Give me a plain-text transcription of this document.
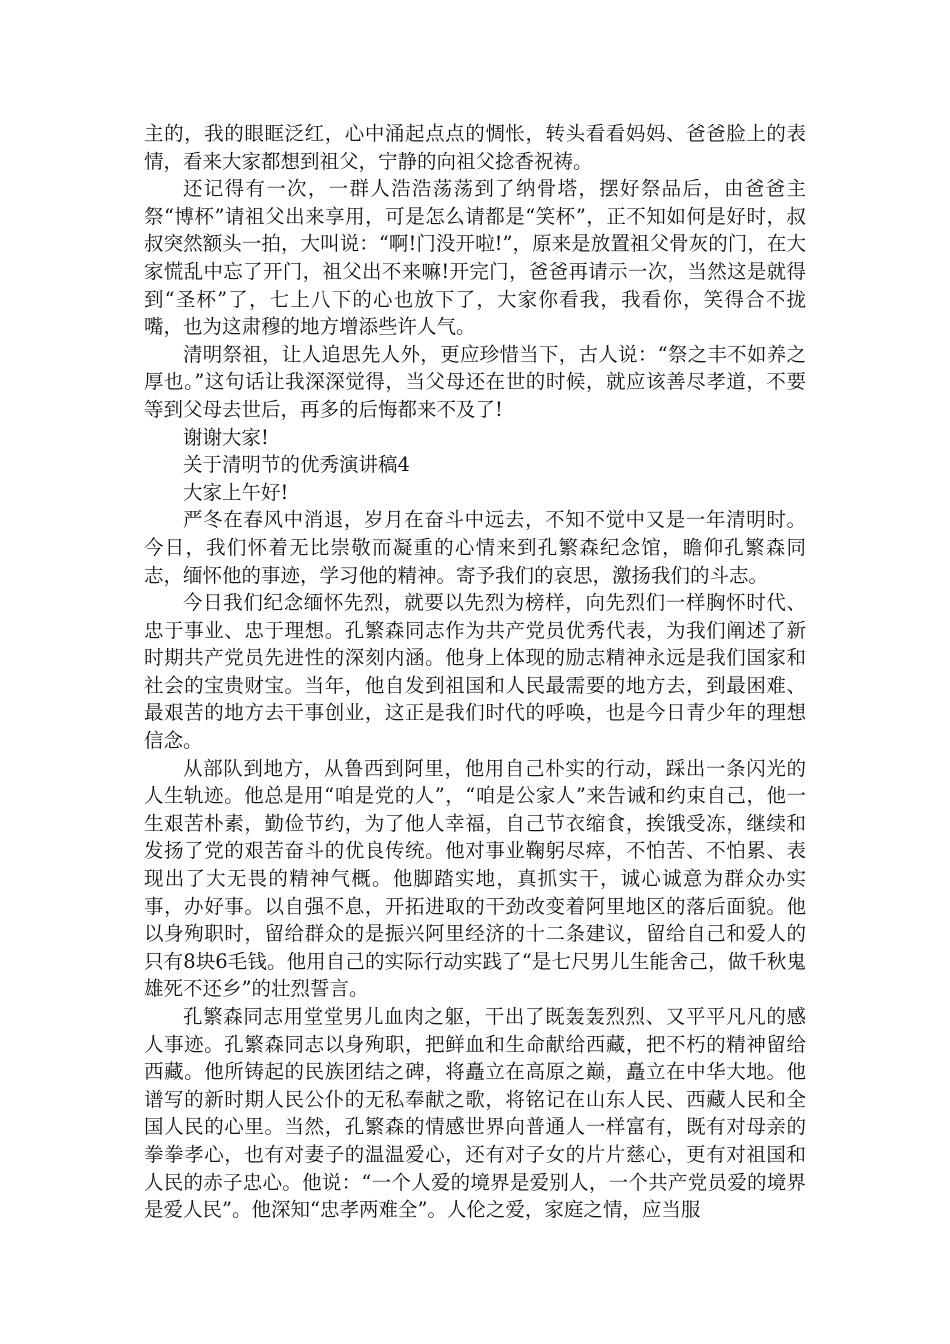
主的，我的眼眶泛红，心中涌起点点的惆怅，转头看看妈妈、爸爸脸上的表情，看来大家都想到祖父，宁静的向祖父捻香祝祷。

还记得有一次，一群人浩浩荡荡到了纳骨塔，摆好祭品后，由爸爸主祭“博杯”请祖父出来享用，可是怎么请都是“笑杯”，正不知如何是好时，叔叔突然额头一拍，大叫说：“啊!门没开啦!”，原来是放置祖父骨灰的门，在大家慌乱中忘了开门，祖父出不来嘛!开完门，爸爸再请示一次，当然这是就得到“圣杯”了，七上八下的心也放下了，大家你看我，我看你，笑得合不拢嘴，也为这肃穆的地方增添些许人气。

清明祭祖，让人追思先人外，更应珍惜当下，古人说：“祭之丰不如养之厚也。”这句话让我深深觉得，当父母还在世的时候，就应该善尽孝道，不要等到父母去世后，再多的后悔都来不及了!

谢谢大家!

关于清明节的优秀演讲稿4

大家上午好!

严冬在春风中消退，岁月在奋斗中远去，不知不觉中又是一年清明时。今日，我们怀着无比崇敬而凝重的心情来到孔繁森纪念馆，瞻仰孔繁森同志，缅怀他的事迹，学习他的精神。寄予我们的哀思，激扬我们的斗志。

今日我们纪念缅怀先烈，就要以先烈为榜样，向先烈们一样胸怀时代、忠于事业、忠于理想。孔繁森同志作为共产党员优秀代表，为我们阐述了新时期共产党员先进性的深刻内涵。他身上体现的励志精神永远是我们国家和社会的宝贵财宝。当年，他自发到祖国和人民最需要的地方去，到最困难、最艰苦的地方去干事创业，这正是我们时代的呼唤，也是今日青少年的理想信念。

从部队到地方，从鲁西到阿里，他用自己朴实的行动，踩出一条闪光的人生轨迹。他总是用“咱是党的人”，“咱是公家人”来告诫和约束自己，他一生艰苦朴素，勤俭节约，为了他人幸福，自己节衣缩食，挨饿受冻，继续和发扬了党的艰苦奋斗的优良传统。他对事业鞠躬尽瘁，不怕苦、不怕累、表现出了大无畏的精神气概。他脚踏实地，真抓实干，诚心诚意为群众办实事，办好事。以自强不息，开拓进取的干劲改变着阿里地区的落后面貌。他以身殉职时，留给群众的是振兴阿里经济的十二条建议，留给自己和爱人的只有8块6毛钱。他用自己的实际行动实践了“是七尺男儿生能舍己，做千秋鬼雄死不还乡”的壮烈誓言。

孔繁森同志用堂堂男儿血肉之躯，干出了既轰轰烈烈、又平平凡凡的感人事迹。孔繁森同志以身殉职，把鲜血和生命献给西藏，把不朽的精神留给西藏。他所铸起的民族团结之碑，将矗立在高原之巅，矗立在中华大地。他谱写的新时期人民公仆的无私奉献之歌，将铭记在山东人民、西藏人民和全国人民的心里。当然，孔繁森的情感世界向普通人一样富有，既有对母亲的拳拳孝心，也有对妻子的温温爱心，还有对子女的片片慈心，更有对祖国和人民的赤子忠心。他说：“一个人爱的境界是爱别人，一个共产党员爱的境界是爱人民”。他深知“忠孝两难全”。人伦之爱，家庭之情，应当服
